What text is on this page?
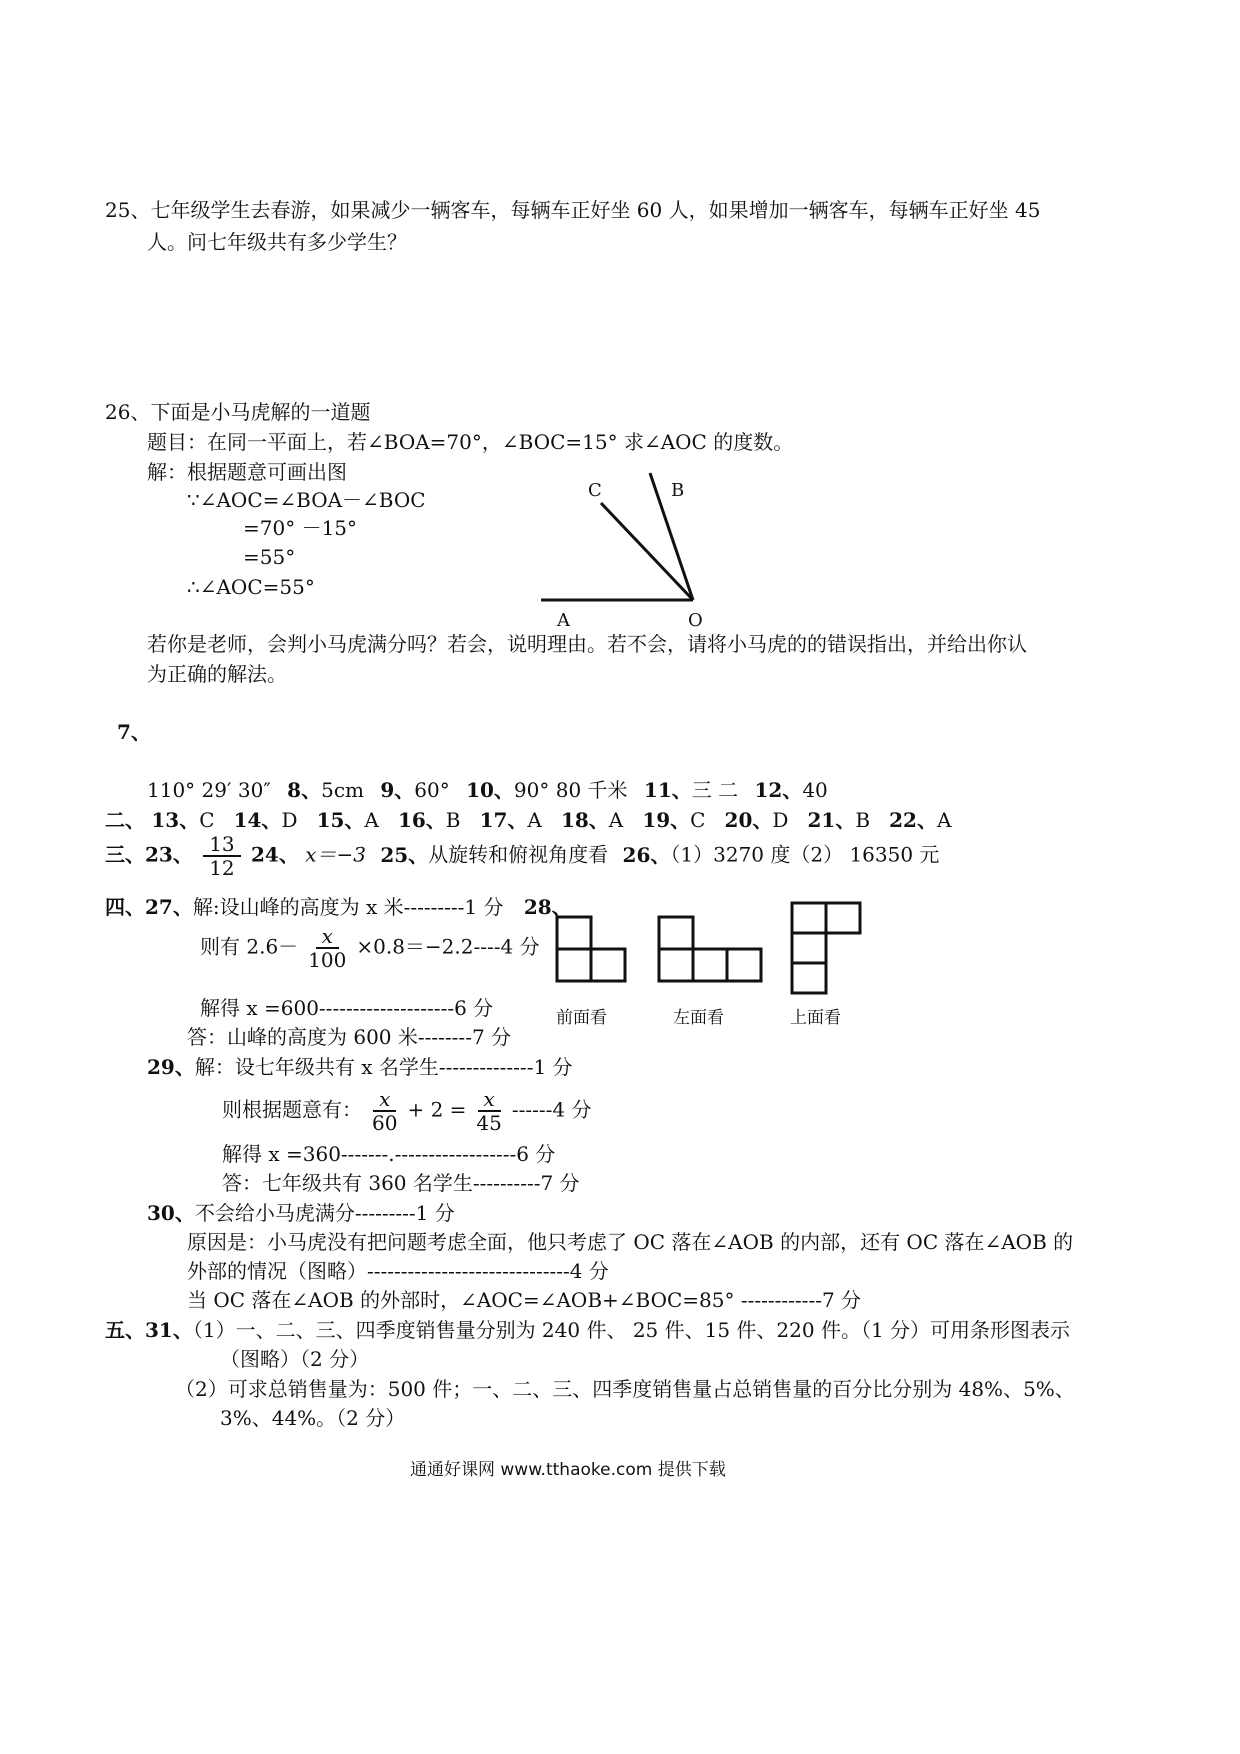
25、七年级学生去春游，如果减少一辆客车，每辆车正好坐 60 人，如果增加一辆客车，每辆车正好坐 45
人。问七年级共有多少学生？
26、下面是小马虎解的一道题
题目：在同一平面上，若∠BOA=70°，∠BOC=15° 求∠AOC 的度数。
解：根据题意可画出图
∵∠AOC=∠BOA－∠BOC
=70° －15°
=55°
∴∠AOC=55°
C	B
A	O
若你是老师，会判小马虎满分吗？若会，说明理由。若不会，请将小马虎的的错误指出，并给出你认
为正确的解法。
7、
110° 29′ 30″ 8、5cm 9、60° 10、90° 80 千米 11、三 二 12、40
二、 13、C 14、D 15、A 16、B 17、A 18、A 19、C 20、D 21、B 22、A
三、23、 $\frac{13}{12} 24$、 x＝−3 25、从旋转和俯视角度看 26、（1）3270 度（2） 16350 元
四、27、解:设山峰的高度为 x 米---------1 分 28、
则有 $2.6- \frac{x}{100} \times 0.8=-2.2----4$ 分
解得 x =600--------------------6 分
答：山峰的高度为 600 米--------7 分
前面看	左面看	上面看
29、解：设七年级共有 x 名学生--------------1 分
则根据题意有： $\frac{x}{60} + 2 = \frac{x}{45} ------4$ 分
解得 x =360-------.------------------6 分
答：七年级共有 360 名学生----------7 分
30、不会给小马虎满分---------1 分
原因是：小马虎没有把问题考虑全面，他只考虑了 OC 落在∠AOB 的内部，还有 OC 落在∠AOB 的
外部的情况（图略）------------------------------4 分
当 OC 落在∠AOB 的外部时，∠AOC=∠AOB+∠BOC=85° ------------7 分
五、31、（1）一、二、三、四季度销售量分别为 240 件、 25 件、15 件、220 件。（1 分）可用条形图表示
（图略）（2 分）
（2）可求总销售量为：500 件；一、二、三、四季度销售量占总销售量的百分比分别为 48%、5%、
3%、44%。（2 分）
通通好课网 www.tthaoke.com 提供下载
